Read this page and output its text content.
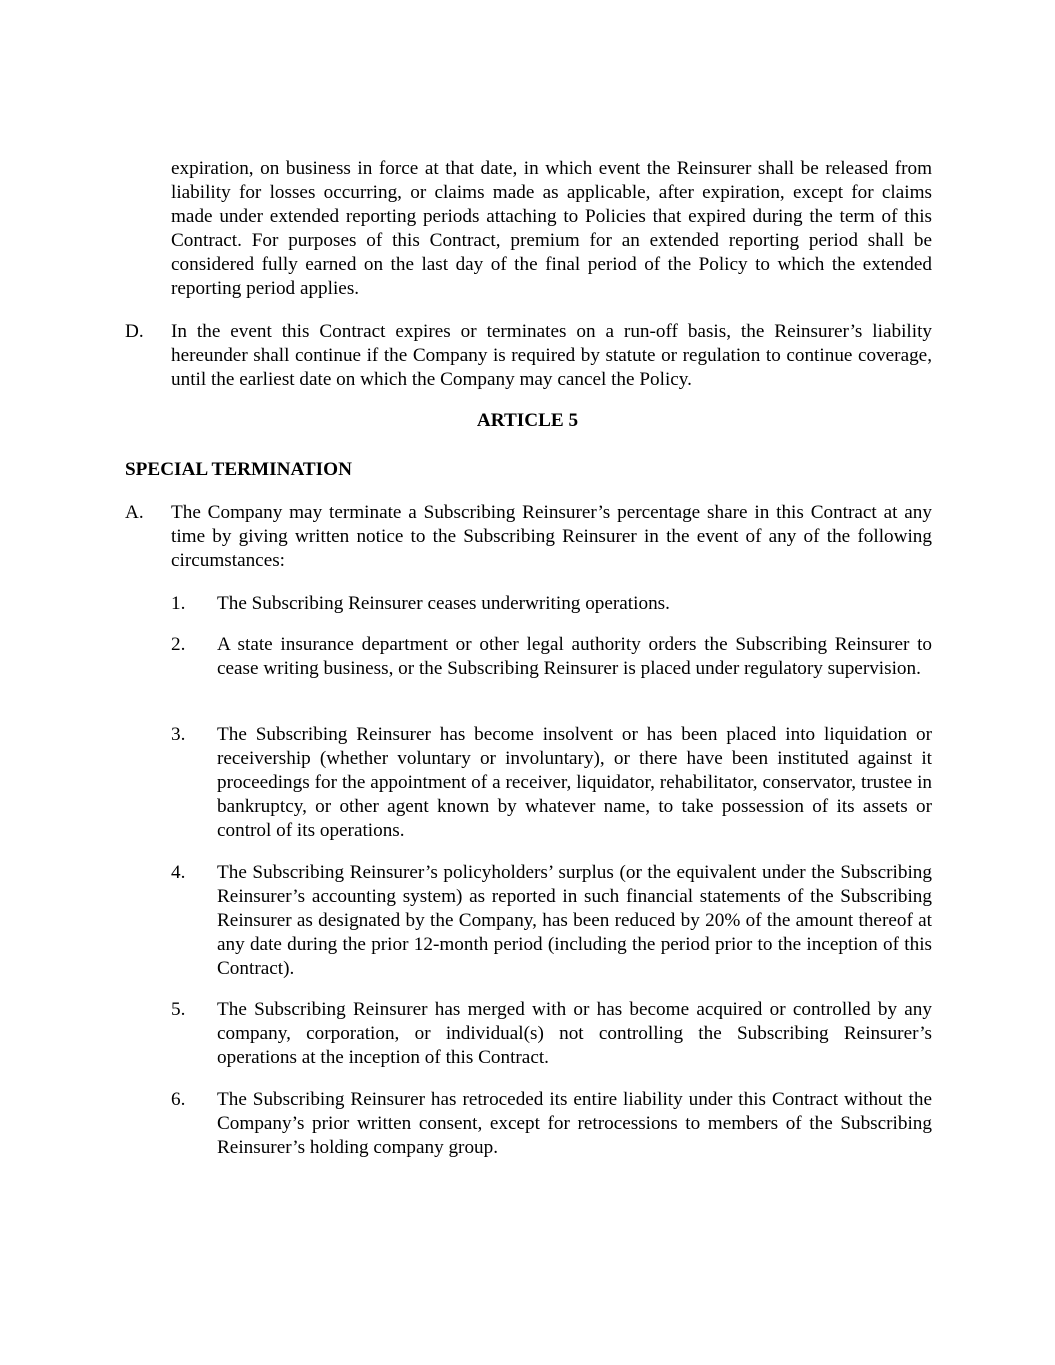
expiration, on business in force at that date, in which event the Reinsurer shall be released from liability for losses occurring, or claims made as applicable, after expiration, except for claims made under extended reporting periods attaching to Policies that expired during the term of this Contract. For purposes of this Contract, premium for an extended reporting period shall be considered fully earned on the last day of the final period of the Policy to which the extended reporting period applies.
D. In the event this Contract expires or terminates on a run-off basis, the Reinsurer’s liability hereunder shall continue if the Company is required by statute or regulation to continue coverage, until the earliest date on which the Company may cancel the Policy.
ARTICLE 5
SPECIAL TERMINATION
A. The Company may terminate a Subscribing Reinsurer’s percentage share in this Contract at any time by giving written notice to the Subscribing Reinsurer in the event of any of the following circumstances:
1. The Subscribing Reinsurer ceases underwriting operations.
2. A state insurance department or other legal authority orders the Subscribing Reinsurer to cease writing business, or the Subscribing Reinsurer is placed under regulatory supervision.
3. The Subscribing Reinsurer has become insolvent or has been placed into liquidation or receivership (whether voluntary or involuntary), or there have been instituted against it proceedings for the appointment of a receiver, liquidator, rehabilitator, conservator, trustee in bankruptcy, or other agent known by whatever name, to take possession of its assets or control of its operations.
4. The Subscribing Reinsurer’s policyholders’ surplus (or the equivalent under the Subscribing Reinsurer’s accounting system) as reported in such financial statements of the Subscribing Reinsurer as designated by the Company, has been reduced by 20% of the amount thereof at any date during the prior 12-month period (including the period prior to the inception of this Contract).
5. The Subscribing Reinsurer has merged with or has become acquired or controlled by any company, corporation, or individual(s) not controlling the Subscribing Reinsurer’s operations at the inception of this Contract.
6. The Subscribing Reinsurer has retroceded its entire liability under this Contract without the Company’s prior written consent, except for retrocessions to members of the Subscribing Reinsurer’s holding company group.
